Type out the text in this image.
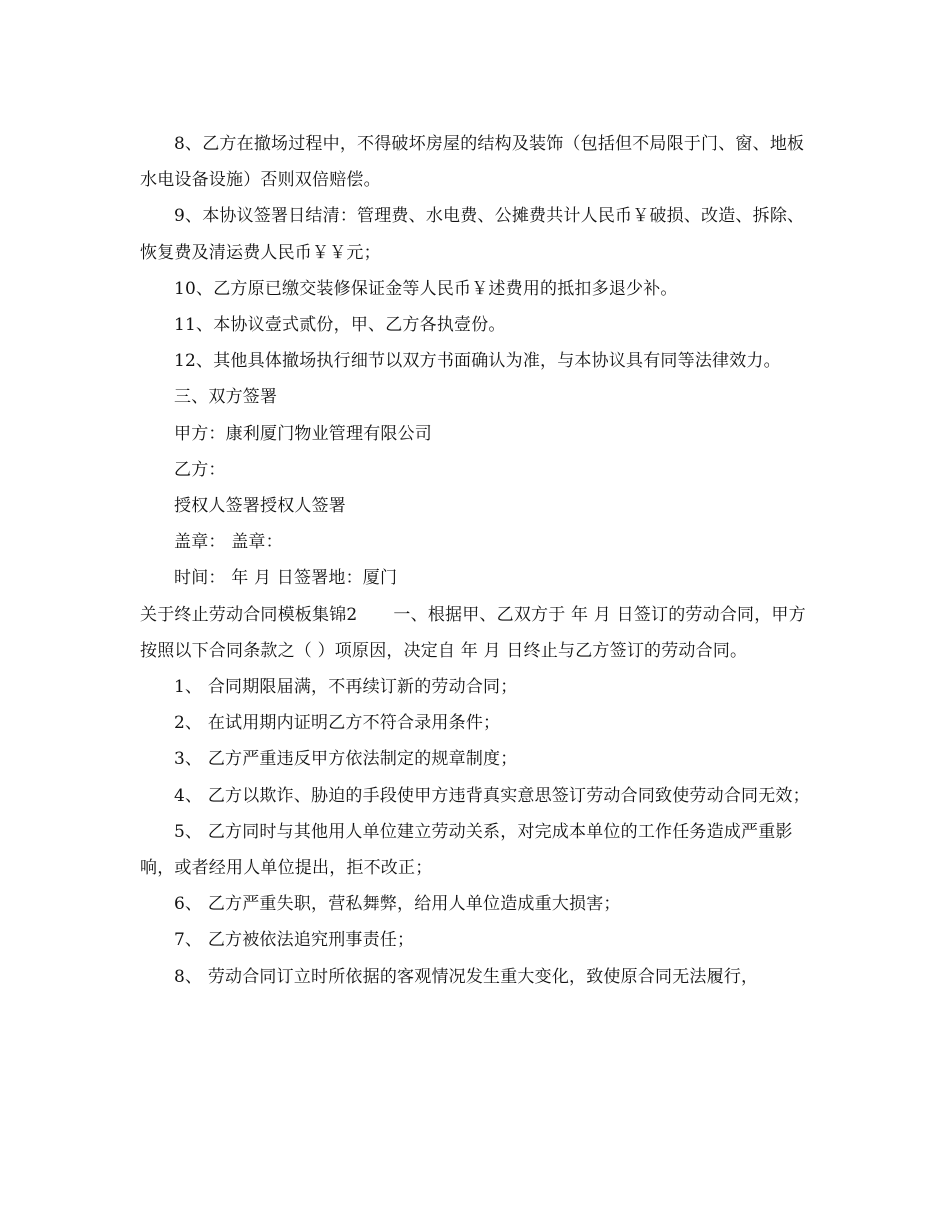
8、乙方在撤场过程中，不得破坏房屋的结构及装饰（包括但不局限于门、窗、地板水电设备设施）否则双倍赔偿。

9、本协议签署日结清：管理费、水电费、公摊费共计人民币￥破损、改造、拆除、恢复费及清运费人民币￥￥元；

10、乙方原已缴交装修保证金等人民币￥述费用的抵扣多退少补。

11、本协议壹式贰份，甲、乙方各执壹份。

12、其他具体撤场执行细节以双方书面确认为准，与本协议具有同等法律效力。

三、双方签署

甲方：康利厦门物业管理有限公司

乙方：

授权人签署授权人签署

盖章： 盖章：

时间： 年 月 日签署地：厦门

关于终止劳动合同模板集锦2 一、根据甲、乙双方于 年 月 日签订的劳动合同，甲方按照以下合同条款之（ ）项原因，决定自 年 月 日终止与乙方签订的劳动合同。

1、 合同期限届满，不再续订新的劳动合同；

2、 在试用期内证明乙方不符合录用条件；

3、 乙方严重违反甲方依法制定的规章制度；

4、 乙方以欺诈、胁迫的手段使甲方违背真实意思签订劳动合同致使劳动合同无效；

5、 乙方同时与其他用人单位建立劳动关系，对完成本单位的工作任务造成严重影响，或者经用人单位提出，拒不改正；

6、 乙方严重失职，营私舞弊，给用人单位造成重大损害；

7、 乙方被依法追究刑事责任；

8、 劳动合同订立时所依据的客观情况发生重大变化，致使原合同无法履行，
